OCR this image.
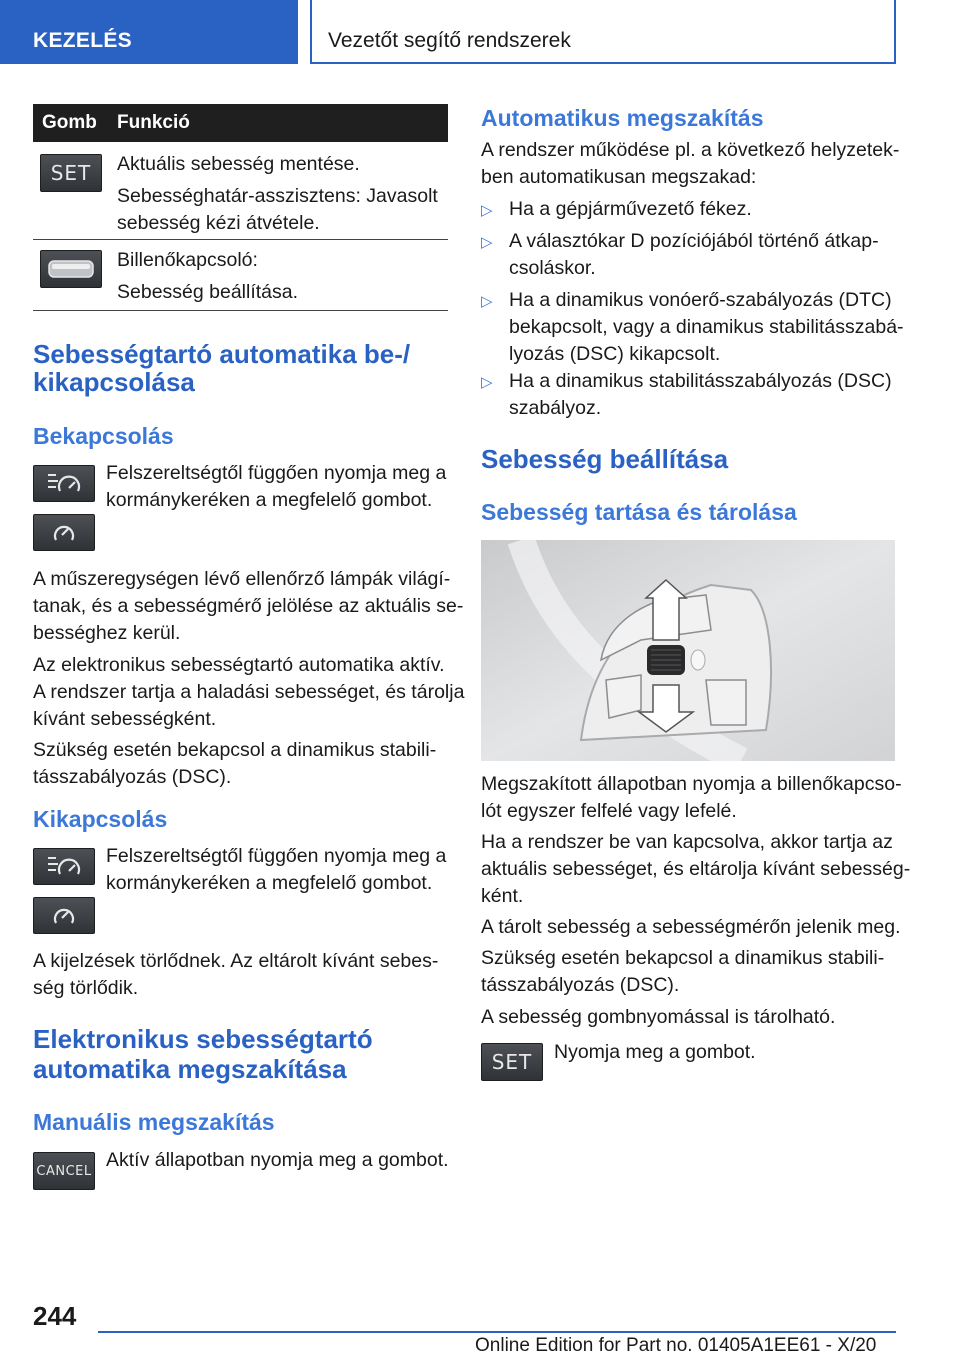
KEZELÉS	Vezetőt segítő rendszerek
Gomb Funkció
SET Aktuális sebesség mentése.
Sebességhatár-asszisztens: Javasolt
sebesség kézi átvétele.
Billenőkapcsoló:
Sebesség beállítása.
Sebességtartó automatika be-/
kikapcsolása
Bekapcsolás
Felszereltségtől függően nyomja meg a
kormánykeréken a megfelelő gombot.
A műszeregységen lévő ellenőrző lámpák világí-
tanak, és a sebességmérő jelölése az aktuális se-
bességhez kerül.
Az elektronikus sebességtartó automatika aktív.
A rendszer tartja a haladási sebességet, és tárolja
kívánt sebességként.
Szükség esetén bekapcsol a dinamikus stabili-
tásszabályozás (DSC).
Kikapcsolás
Felszereltségtől függően nyomja meg a
kormánykeréken a megfelelő gombot.
A kijelzések törlődnek. Az eltárolt kívánt sebes-
ség törlődik.
Elektronikus sebességtartó
automatika megszakítása
Manuális megszakítás
CANCEL Aktív állapotban nyomja meg a gombot.
Automatikus megszakítás
A rendszer működése pl. a következő helyzetek-
ben automatikusan megszakad:
▷ Ha a gépjárművezető fékez.
▷ A választókar D pozíciójából történő átkap-
csoláskor.
▷ Ha a dinamikus vonóerő-szabályozás (DTC)
bekapcsolt, vagy a dinamikus stabilitásszabá-
lyozás (DSC) kikapcsolt.
▷ Ha a dinamikus stabilitásszabályozás (DSC)
szabályoz.
Sebesség beállítása
Sebesség tartása és tárolása
Megszakított állapotban nyomja a billenőkapcso-
lót egyszer felfelé vagy lefelé.
Ha a rendszer be van kapcsolva, akkor tartja az
aktuális sebességet, és eltárolja kívánt sebesség-
ként.
A tárolt sebesség a sebességmérőn jelenik meg.
Szükség esetén bekapcsol a dinamikus stabili-
tásszabályozás (DSC).
A sebesség gombnyomással is tárolható.
SET Nyomja meg a gombot.
244
Online Edition for Part no. 01405A1EE61 - X/20
